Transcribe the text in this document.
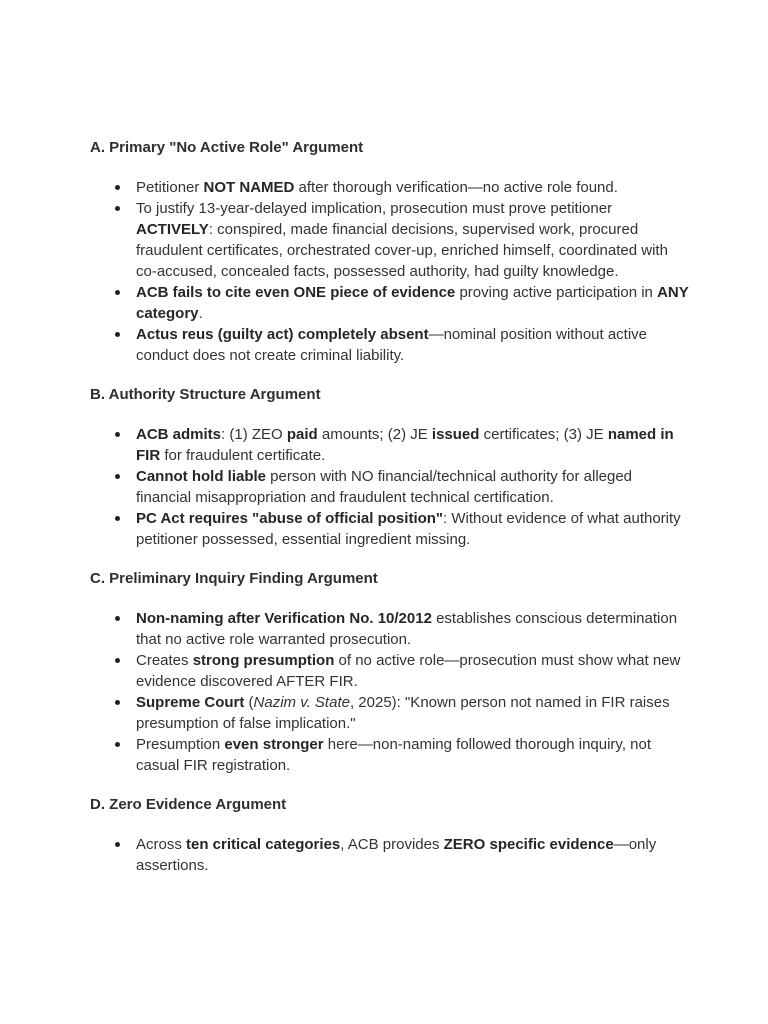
A. Primary "No Active Role" Argument
Petitioner NOT NAMED after thorough verification—no active role found.
To justify 13-year-delayed implication, prosecution must prove petitioner ACTIVELY: conspired, made financial decisions, supervised work, procured fraudulent certificates, orchestrated cover-up, enriched himself, coordinated with co-accused, concealed facts, possessed authority, had guilty knowledge.
ACB fails to cite even ONE piece of evidence proving active participation in ANY category.
Actus reus (guilty act) completely absent—nominal position without active conduct does not create criminal liability.
B. Authority Structure Argument
ACB admits: (1) ZEO paid amounts; (2) JE issued certificates; (3) JE named in FIR for fraudulent certificate.
Cannot hold liable person with NO financial/technical authority for alleged financial misappropriation and fraudulent technical certification.
PC Act requires "abuse of official position": Without evidence of what authority petitioner possessed, essential ingredient missing.
C. Preliminary Inquiry Finding Argument
Non-naming after Verification No. 10/2012 establishes conscious determination that no active role warranted prosecution.
Creates strong presumption of no active role—prosecution must show what new evidence discovered AFTER FIR.
Supreme Court (Nazim v. State, 2025): "Known person not named in FIR raises presumption of false implication."
Presumption even stronger here—non-naming followed thorough inquiry, not casual FIR registration.
D. Zero Evidence Argument
Across ten critical categories, ACB provides ZERO specific evidence—only assertions.
